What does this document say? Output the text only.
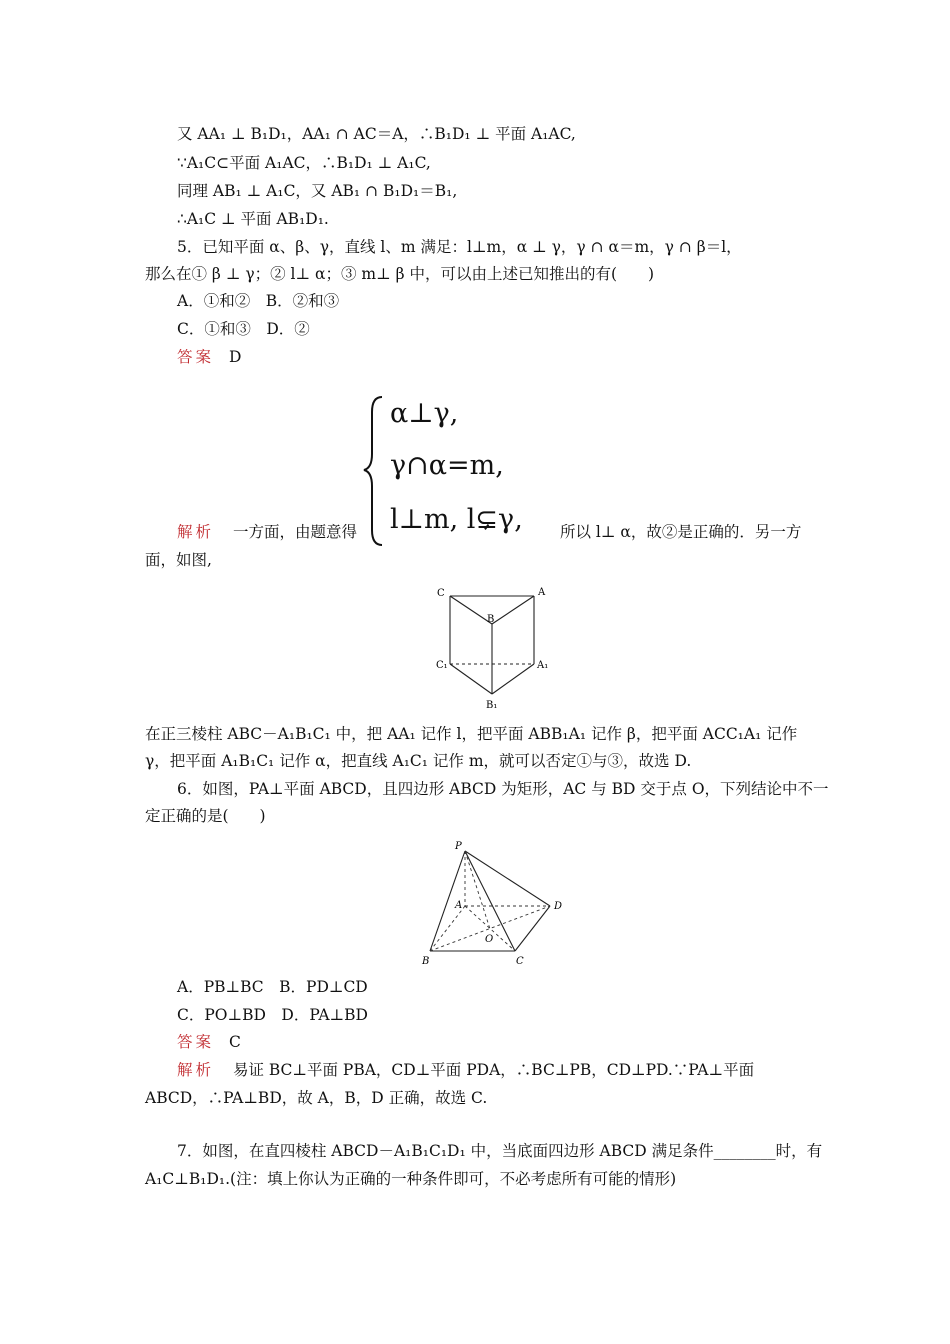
又 AA₁ ⊥ B₁D₁，AA₁ ∩ AC＝A，∴B₁D₁ ⊥ 平面 A₁AC,
∵A₁C⊂平面 A₁AC，∴B₁D₁ ⊥ A₁C,
同理 AB₁ ⊥ A₁C，又 AB₁ ∩ B₁D₁＝B₁,
∴A₁C ⊥ 平面 AB₁D₁.
5．已知平面 α、β、γ，直线 l、m 满足：l⊥m，α ⊥ γ，γ ∩ α＝m，γ ∩ β＝l，
那么在① β ⊥ γ；② l⊥ α；③ m⊥ β 中，可以由上述已知推出的有(　　)
A．①和②　B．②和③
C．①和③　D．②
答案 D
α⊥γ,
γ∩α=m,
l⊥m, l⊊γ,
解析 一方面，由题意得	所以 l⊥ α，故②是正确的．另一方
面，如图,
C	A
B
C₁	A₁
B₁
在正三棱柱 ABC－A₁B₁C₁ 中，把 AA₁ 记作 l，把平面 ABB₁A₁ 记作 β，把平面 ACC₁A₁ 记作
γ，把平面 A₁B₁C₁ 记作 α，把直线 A₁C₁ 记作 m，就可以否定①与③，故选 D.
6．如图，PA⊥平面 ABCD，且四边形 ABCD 为矩形，AC 与 BD 交于点 O，下列结论中不一
定正确的是(　　)
P
A	D
O
B	C
A．PB⊥BC　B．PD⊥CD
C．PO⊥BD　D．PA⊥BD
答案 C
解析 易证 BC⊥平面 PBA，CD⊥平面 PDA，∴BC⊥PB，CD⊥PD.∵PA⊥平面
ABCD，∴PA⊥BD，故 A，B，D 正确，故选 C.
7．如图，在直四棱柱 ABCD－A₁B₁C₁D₁ 中，当底面四边形 ABCD 满足条件________时，有
A₁C⊥B₁D₁.(注：填上你认为正确的一种条件即可，不必考虑所有可能的情形)
